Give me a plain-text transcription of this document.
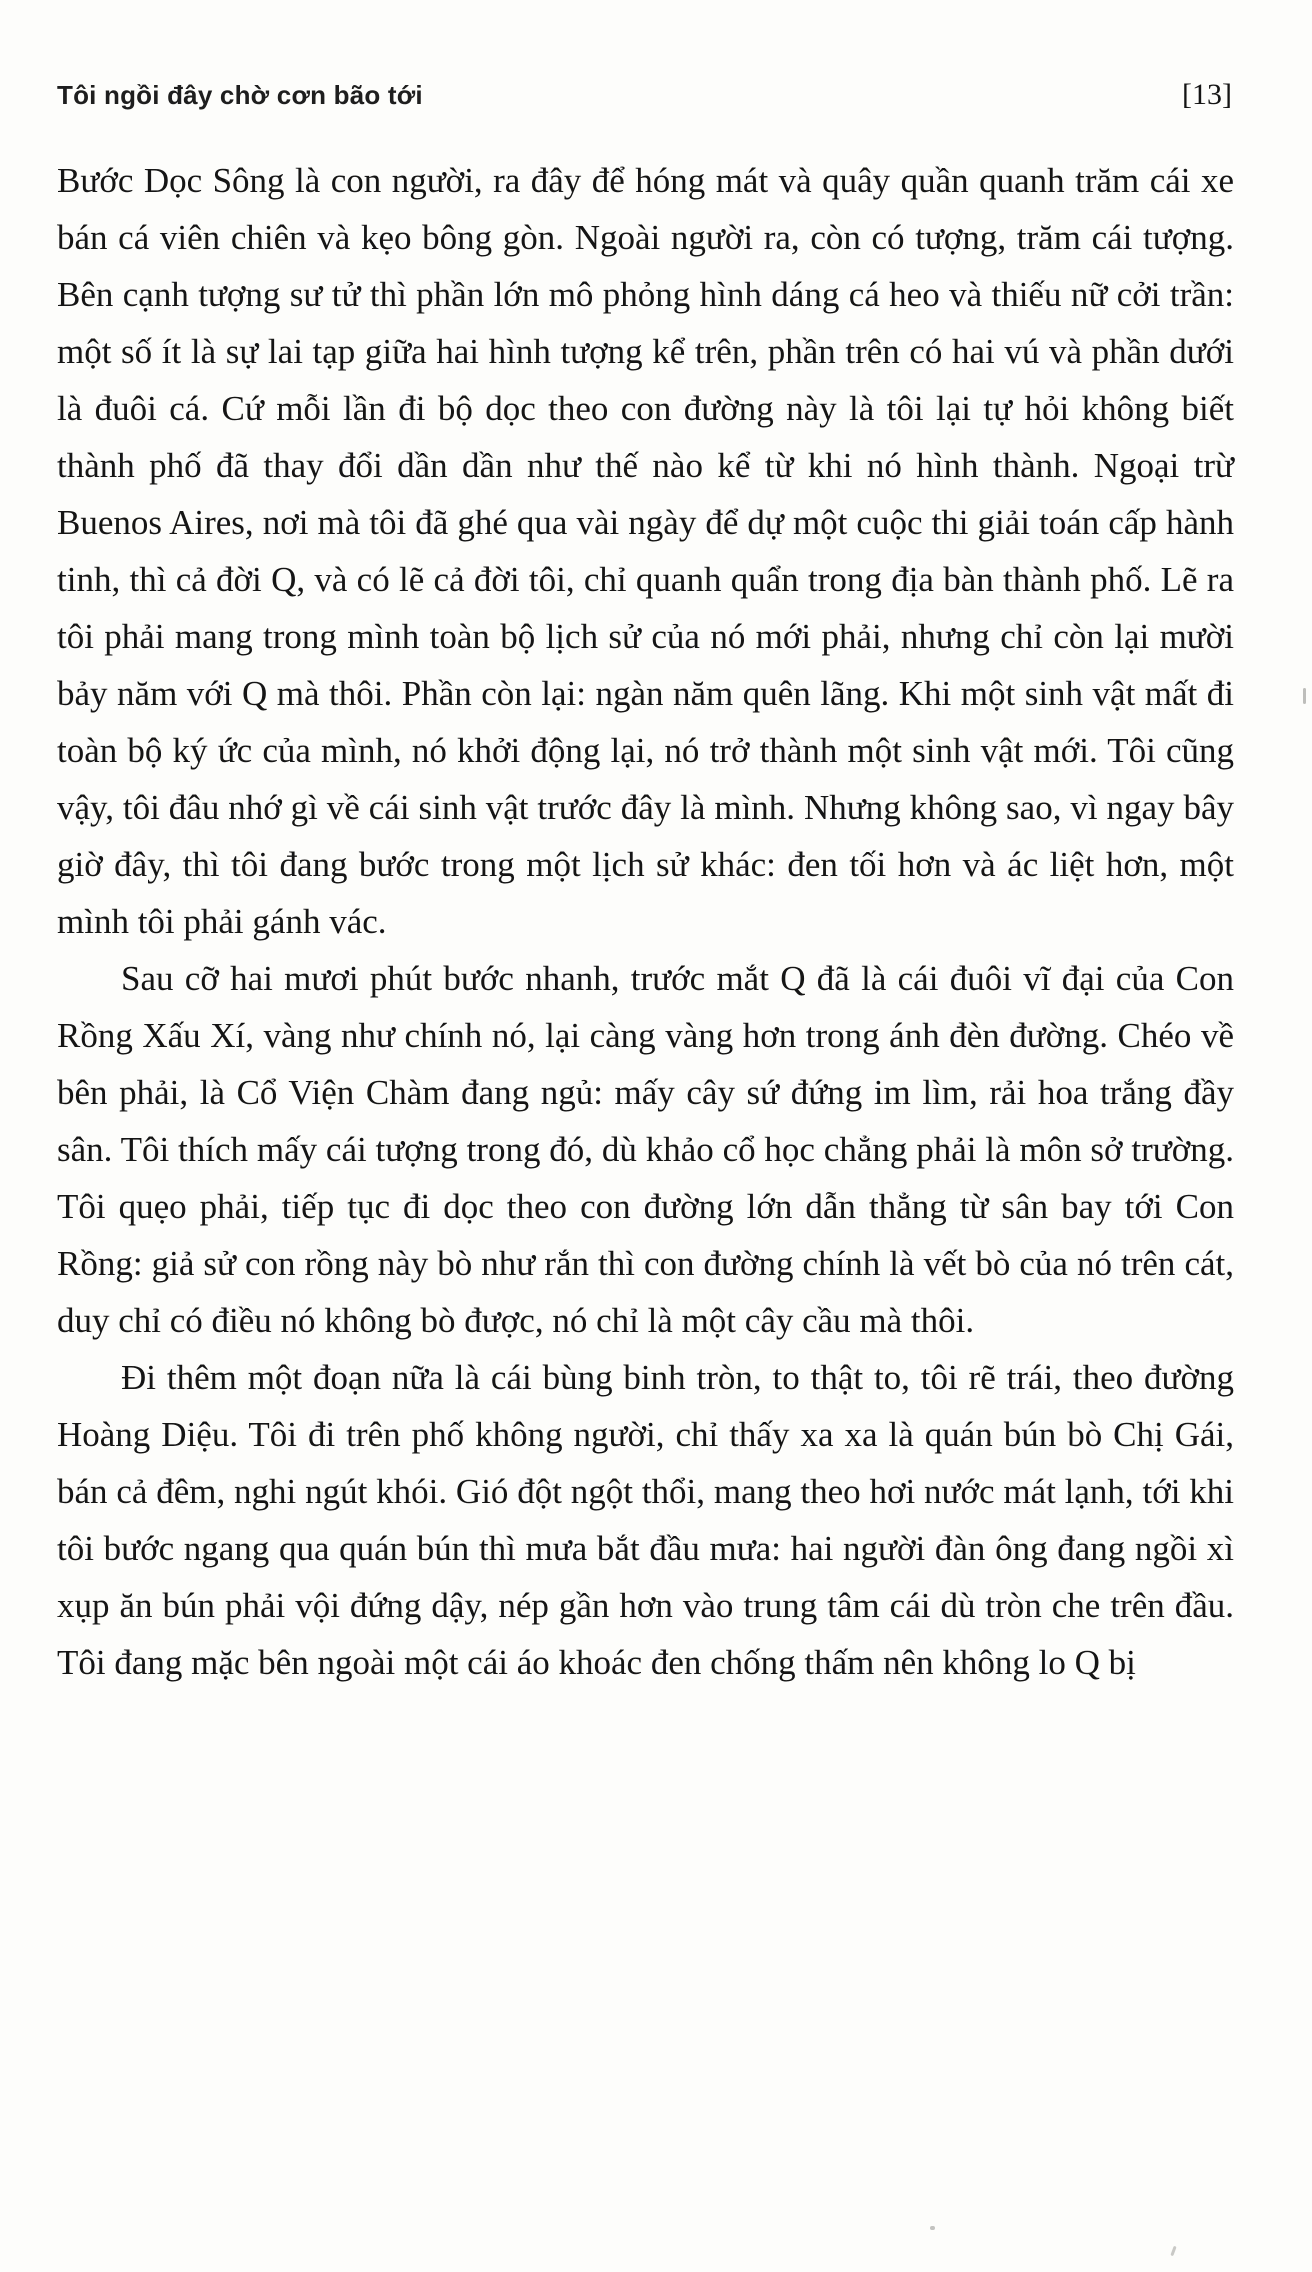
Tôi ngồi đây chờ cơn bão tới	[13]

Bước Dọc Sông là con người, ra đây để hóng mát và quây quần quanh trăm cái xe bán cá viên chiên và kẹo bông gòn. Ngoài người ra, còn có tượng, trăm cái tượng. Bên cạnh tượng sư tử thì phần lớn mô phỏng hình dáng cá heo và thiếu nữ cởi trần: một số ít là sự lai tạp giữa hai hình tượng kể trên, phần trên có hai vú và phần dưới là đuôi cá. Cứ mỗi lần đi bộ dọc theo con đường này là tôi lại tự hỏi không biết thành phố đã thay đổi dần dần như thế nào kể từ khi nó hình thành. Ngoại trừ Buenos Aires, nơi mà tôi đã ghé qua vài ngày để dự một cuộc thi giải toán cấp hành tinh, thì cả đời Q, và có lẽ cả đời tôi, chỉ quanh quẩn trong địa bàn thành phố. Lẽ ra tôi phải mang trong mình toàn bộ lịch sử của nó mới phải, nhưng chỉ còn lại mười bảy năm với Q mà thôi. Phần còn lại: ngàn năm quên lãng. Khi một sinh vật mất đi toàn bộ ký ức của mình, nó khởi động lại, nó trở thành một sinh vật mới. Tôi cũng vậy, tôi đâu nhớ gì về cái sinh vật trước đây là mình. Nhưng không sao, vì ngay bây giờ đây, thì tôi đang bước trong một lịch sử khác: đen tối hơn và ác liệt hơn, một mình tôi phải gánh vác.

Sau cỡ hai mươi phút bước nhanh, trước mắt Q đã là cái đuôi vĩ đại của Con Rồng Xấu Xí, vàng như chính nó, lại càng vàng hơn trong ánh đèn đường. Chéo về bên phải, là Cổ Viện Chàm đang ngủ: mấy cây sứ đứng im lìm, rải hoa trắng đầy sân. Tôi thích mấy cái tượng trong đó, dù khảo cổ học chẳng phải là môn sở trường. Tôi quẹo phải, tiếp tục đi dọc theo con đường lớn dẫn thẳng từ sân bay tới Con Rồng: giả sử con rồng này bò như rắn thì con đường chính là vết bò của nó trên cát, duy chỉ có điều nó không bò được, nó chỉ là một cây cầu mà thôi.

Đi thêm một đoạn nữa là cái bùng binh tròn, to thật to, tôi rẽ trái, theo đường Hoàng Diệu. Tôi đi trên phố không người, chỉ thấy xa xa là quán bún bò Chị Gái, bán cả đêm, nghi ngút khói. Gió đột ngột thổi, mang theo hơi nước mát lạnh, tới khi tôi bước ngang qua quán bún thì mưa bắt đầu mưa: hai người đàn ông đang ngồi xì xụp ăn bún phải vội đứng dậy, nép gần hơn vào trung tâm cái dù tròn che trên đầu. Tôi đang mặc bên ngoài một cái áo khoác đen chống thấm nên không lo Q bị
